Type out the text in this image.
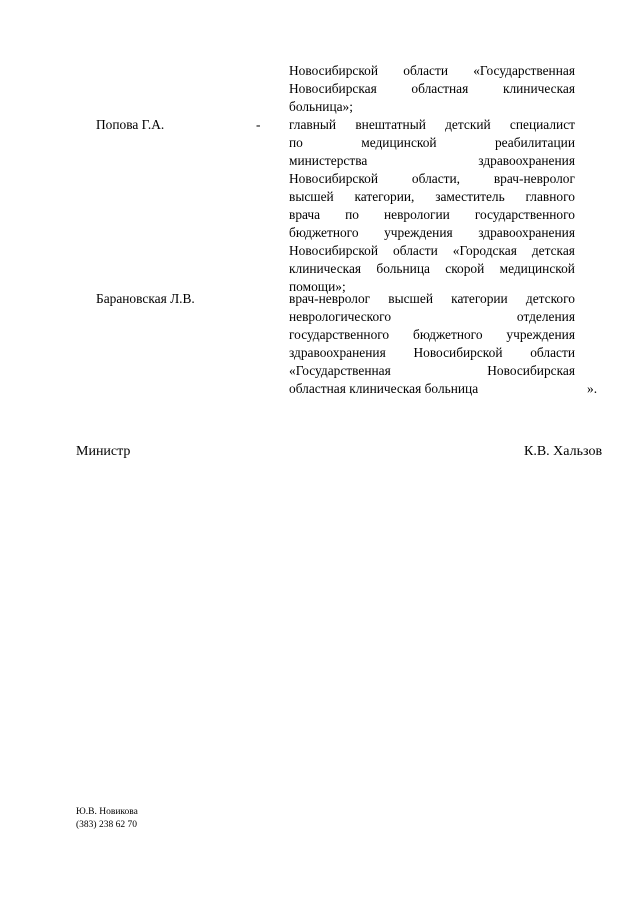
Новосибирской области «Государственная
Новосибирская	областная	клиническая
больница»;
Попова Г.А.	- главный внештатный детский специалист
по	медицинской	реабилитации
министерства	здравоохранения
Новосибирской	области,	врач-невролог
высшей категории, заместитель главного
врача по неврологии государственного
бюджетного учреждения здравоохранения
Новосибирской области «Городская детская
клиническая больница скорой медицинской
помощи»;
Барановская Л.В.	врач-невролог высшей категории детского
неврологического	отделения
государственного бюджетного учреждения
здравоохранения Новосибирской области
«Государственная	Новосибирская
областная клиническая больница	».
Министр	К.В. Хальзов
Ю.В. Новикова
(383) 238 62 70
